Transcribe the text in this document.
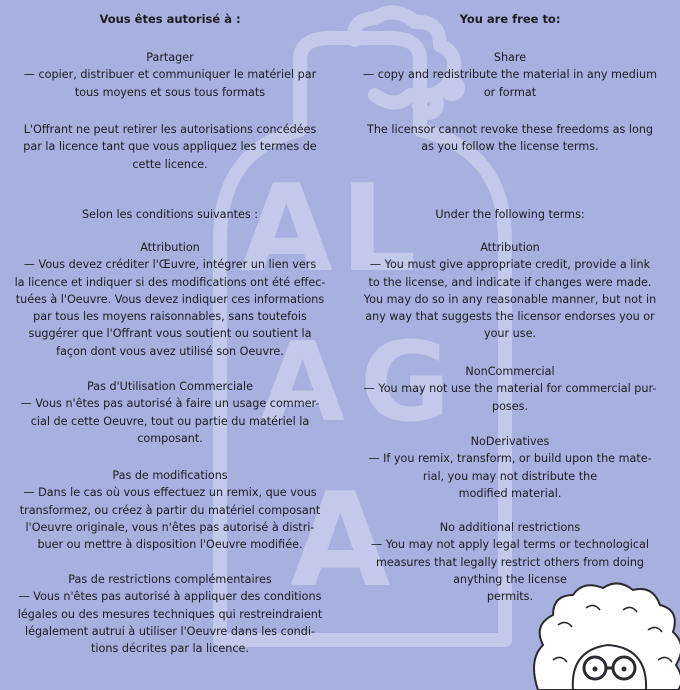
A L
A G
A

Vous êtes autorisé à :

Partager

— copier, distribuer et communiquer le matériel par
tous moyens et sous tous formats

L'Offrant ne peut retirer les autorisations concédées
par la licence tant que vous appliquez les termes de
cette licence.

Selon les conditions suivantes :

Attribution

— Vous devez créditer l'Œuvre, intégrer un lien vers
la licence et indiquer si des modifications ont été effec-
tuées à l'Oeuvre. Vous devez indiquer ces informations
par tous les moyens raisonnables, sans toutefois
suggérer que l'Offrant vous soutient ou soutient la
façon dont vous avez utilisé son Oeuvre.

Pas d'Utilisation Commerciale

— Vous n'êtes pas autorisé à faire un usage commer-
cial de cette Oeuvre, tout ou partie du matériel la
composant.

Pas de modifications

— Dans le cas où vous effectuez un remix, que vous
transformez, ou créez à partir du matériel composant
l'Oeuvre originale, vous n'êtes pas autorisé à distri-
buer ou mettre à disposition l'Oeuvre modifiée.

Pas de restrictions complémentaires

— Vous n'êtes pas autorisé à appliquer des conditions
légales ou des mesures techniques qui restreindraient
légalement autrui à utiliser l'Oeuvre dans les condi-
tions décrites par la licence.

You are free to:

Share

— copy and redistribute the material in any medium
or format

The licensor cannot revoke these freedoms as long
as you follow the license terms.

Under the following terms:

Attribution

— You must give appropriate credit, provide a link
to the license, and indicate if changes were made.
You may do so in any reasonable manner, but not in
any way that suggests the licensor endorses you or
your use.

NonCommercial

— You may not use the material for commercial pur-
poses.

NoDerivatives

— If you remix, transform, or build upon the mate-
rial, you may not distribute the
modified material.

No additional restrictions

— You may not apply legal terms or technological
measures that legally restrict others from doing
anything the license
permits.
